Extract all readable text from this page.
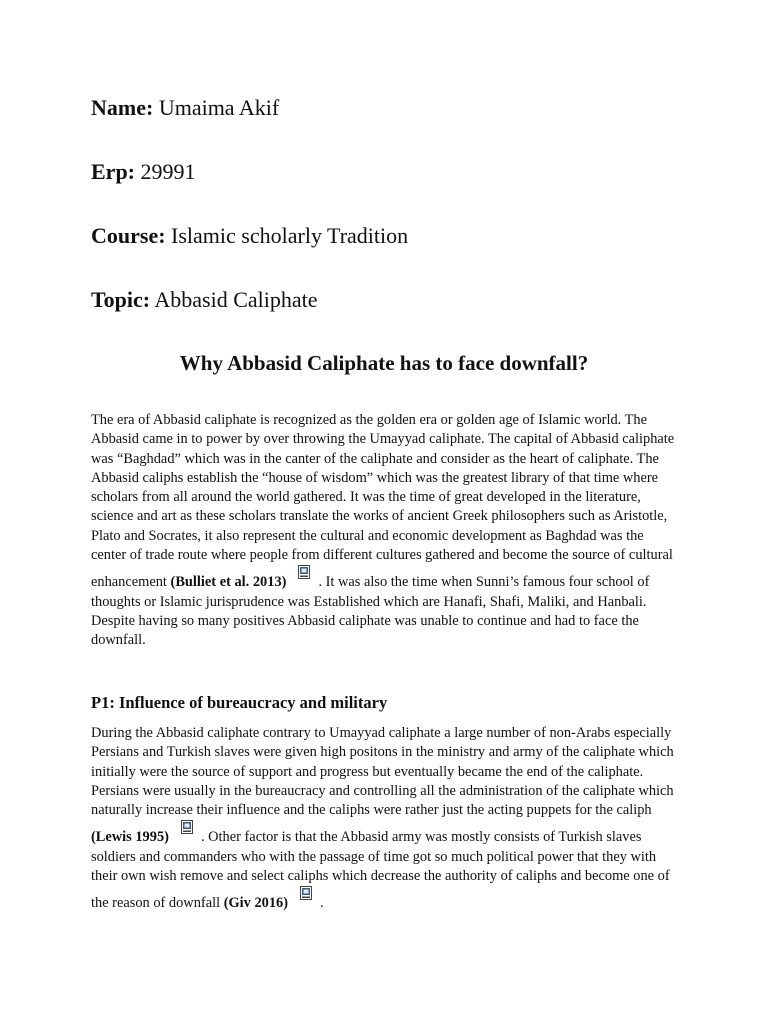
Name: Umaima Akif

Erp: 29991

Course: Islamic scholarly Tradition

Topic: Abbasid Caliphate

Why Abbasid Caliphate has to face downfall?

The era of Abbasid caliphate is recognized as the golden era or golden age of Islamic world. The Abbasid came in to power by over throwing the Umayyad caliphate. The capital of Abbasid caliphate was “Baghdad” which was in the canter of the caliphate and consider as the heart of caliphate. The Abbasid caliphs establish the “house of wisdom” which was the greatest library of that time where scholars from all around the world gathered. It was the time of great developed in the literature, science and art as these scholars translate the works of ancient Greek philosophers such as Aristotle, Plato and Socrates, it also represent the cultural and economic development as Baghdad was the center of trade route where people from different cultures gathered and become the source of cultural enhancement (Bulliet et al. 2013) . It was also the time when Sunni’s famous four school of thoughts or Islamic jurisprudence was Established which are Hanafi, Shafi, Maliki, and Hanbali. Despite having so many positives Abbasid caliphate was unable to continue and had to face the downfall.

P1: Influence of bureaucracy and military

During the Abbasid caliphate contrary to Umayyad caliphate a large number of non-Arabs especially Persians and Turkish slaves were given high positons in the ministry and army of the caliphate which initially were the source of support and progress but eventually became the end of the caliphate. Persians were usually in the bureaucracy and controlling all the administration of the caliphate which naturally increase their influence and the caliphs were rather just the acting puppets for the caliph (Lewis 1995) . Other factor is that the Abbasid army was mostly consists of Turkish slaves soldiers and commanders who with the passage of time got so much political power that they with their own wish remove and select caliphs which decrease the authority of caliphs and become one of the reason of downfall (Giv 2016) .
